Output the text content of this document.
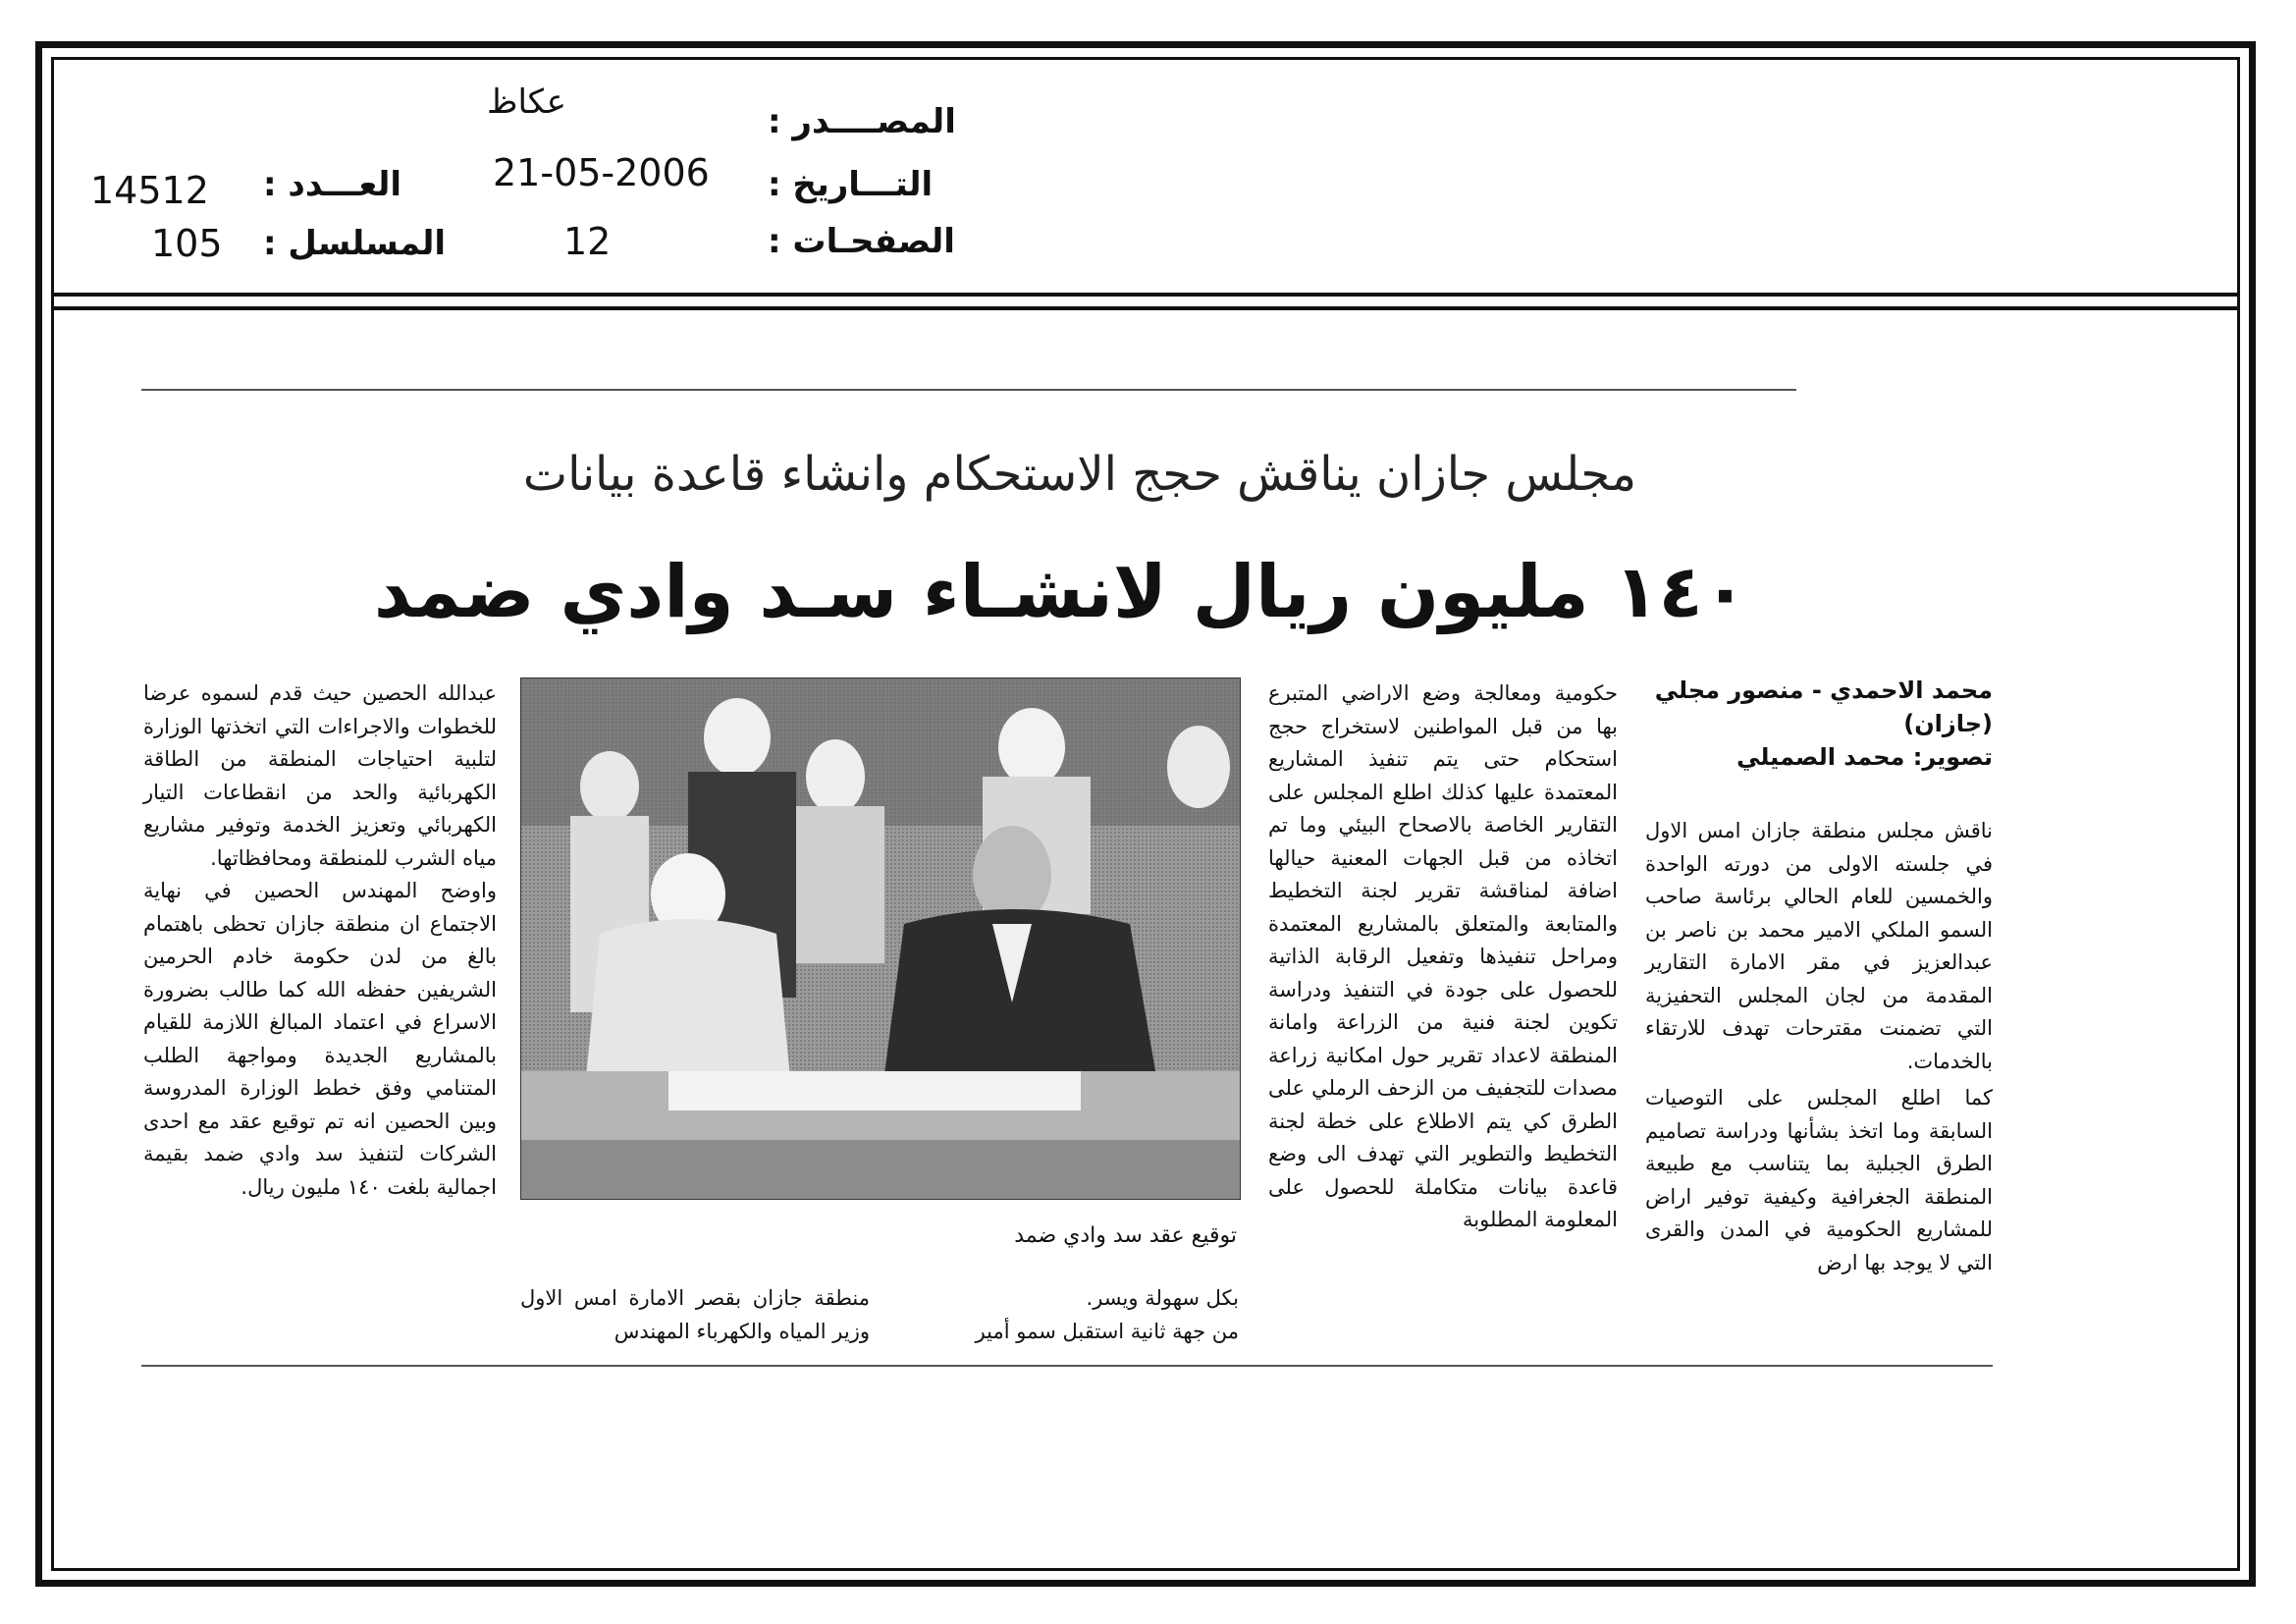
عكاظ	المصــــدر :
21-05-2006 التـــاريخ :
12	الصفحـات :
14512 العـــدد :
105 المسلسل :
مجلس جازان يناقش حجج الاستحكام وانشاء قاعدة بيانات
١٤٠ مليون ريال لانشـاء سـد وادي ضمد
محمد الاحمدي - منصور مجلي
(جازان)
تصوير: محمد الصميلي

ناقش مجلس منطقة جازان امس الاول في جلسته الاولى من دورته الواحدة والخمسين للعام الحالي برئاسة صاحب السمو الملكي الامير محمد بن ناصر بن عبدالعزيز في مقر الامارة التقارير المقدمة من لجان المجلس التحفيزية التي تضمنت مقترحات تهدف للارتقاء بالخدمات.

كما اطلع المجلس على التوصيات السابقة وما اتخذ بشأنها ودراسة تصاميم الطرق الجبلية بما يتناسب مع طبيعة المنطقة الجغرافية وكيفية توفير اراض للمشاريع الحكومية في المدن والقرى التي لا يوجد بها ارض

حكومية ومعالجة وضع الاراضي المتبرع بها من قبل المواطنين لاستخراج حجج استحكام حتى يتم تنفيذ المشاريع المعتمدة عليها كذلك اطلع المجلس على التقارير الخاصة بالاصحاح البيئي وما تم اتخاذه من قبل الجهات المعنية حيالها اضافة لمناقشة تقرير لجنة التخطيط والمتابعة والمتعلق بالمشاريع المعتمدة ومراحل تنفيذها وتفعيل الرقابة الذاتية للحصول على جودة في التنفيذ ودراسة تكوين لجنة فنية من الزراعة وامانة المنطقة لاعداد تقرير حول امكانية زراعة مصدات للتجفيف من الزحف الرملي على الطرق كي يتم الاطلاع على خطة لجنة التخطيط والتطوير التي تهدف الى وضع قاعدة بيانات متكاملة للحصول على المعلومة المطلوبة

توقيع عقد سد وادي ضمد

بكل سهولة ويسر.

من جهة ثانية استقبل سمو أمير

منطقة جازان بقصر الامارة امس الاول وزير المياه والكهرباء المهندس

عبدالله الحصين حيث قدم لسموه عرضا للخطوات والاجراءات التي اتخذتها الوزارة لتلبية احتياجات المنطقة من الطاقة الكهربائية والحد من انقطاعات التيار الكهربائي وتعزيز الخدمة وتوفير مشاريع مياه الشرب للمنطقة ومحافظاتها.

واوضح المهندس الحصين في نهاية الاجتماع ان منطقة جازان تحظى باهتمام بالغ من لدن حكومة خادم الحرمين الشريفين حفظه الله كما طالب بضرورة الاسراع في اعتماد المبالغ اللازمة للقيام بالمشاريع الجديدة ومواجهة الطلب المتنامي وفق خطط الوزارة المدروسة وبين الحصين انه تم توقيع عقد مع احدى الشركات لتنفيذ سد وادي ضمد بقيمة اجمالية بلغت ١٤٠ مليون ريال.
